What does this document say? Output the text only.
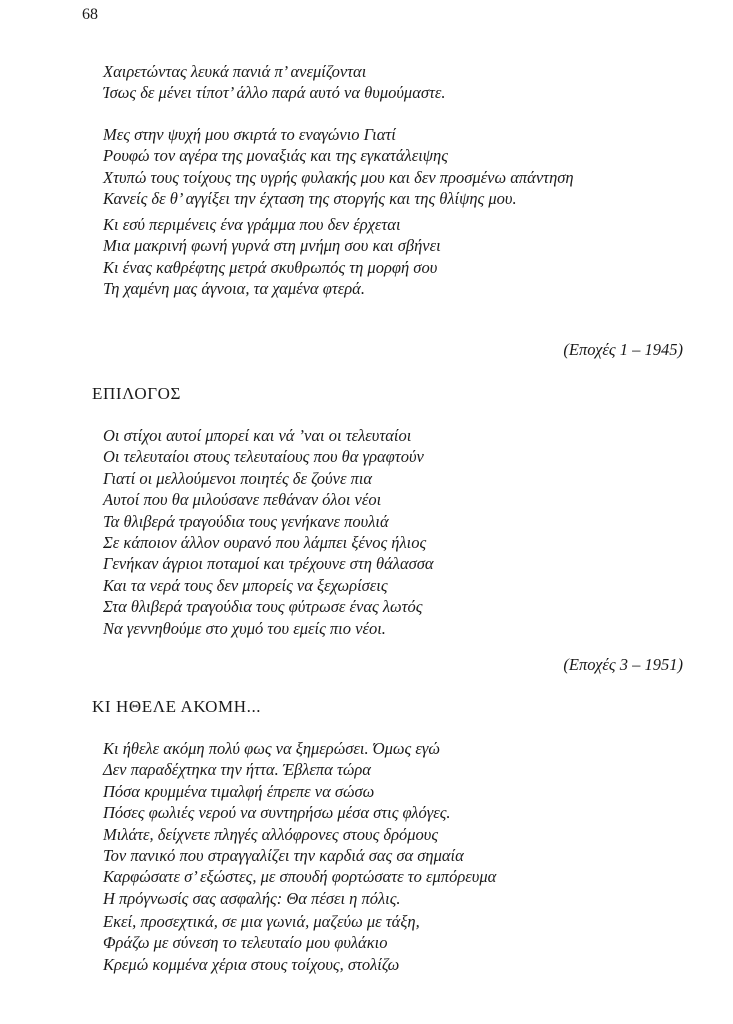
68
Χαιρετώντας λευκά πανιά π’ ανεμίζονται
Ίσως δε μένει τίποτ’ άλλο παρά αυτό να θυμούμαστε.
Μες στην ψυχή μου σκιρτά το εναγώνιο Γιατί
Ρουφώ τον αγέρα της μοναξιάς και της εγκατάλειψης
Χτυπώ τους τοίχους της υγρής φυλακής μου και δεν προσμένω απάντηση
Κανείς δε θ’ αγγίξει την έχταση της στοργής και της θλίψης μου.
Κι εσύ περιμένεις ένα γράμμα που δεν έρχεται
Μια μακρινή φωνή γυρνά στη μνήμη σου και σβήνει
Κι ένας καθρέφτης μετρά σκυθρωπός τη μορφή σου
Τη χαμένη μας άγνοια, τα χαμένα φτερά.
(Εποχές 1 – 1945)
ΕΠΙΛΟΓΟΣ
Οι στίχοι αυτοί μπορεί και νά ’ναι οι τελευταίοι
Οι τελευταίοι στους τελευταίους που θα γραφτούν
Γιατί οι μελλούμενοι ποιητές δε ζούνε πια
Αυτοί που θα μιλούσανε πεθάναν όλοι νέοι
Τα θλιβερά τραγούδια τους γενήκανε πουλιά
Σε κάποιον άλλον ουρανό που λάμπει ξένος ήλιος
Γενήκαν άγριοι ποταμοί και τρέχουνε στη θάλασσα
Και τα νερά τους δεν μπορείς να ξεχωρίσεις
Στα θλιβερά τραγούδια τους φύτρωσε ένας λωτός
Να γεννηθούμε στο χυμό του εμείς πιο νέοι.
(Εποχές 3 – 1951)
ΚΙ ΗΘΕΛΕ ΑΚΟΜΗ...
Κι ήθελε ακόμη πολύ φως να ξημερώσει. Όμως εγώ
Δεν παραδέχτηκα την ήττα. Έβλεπα τώρα
Πόσα κρυμμένα τιμαλφή έπρεπε να σώσω
Πόσες φωλιές νερού να συντηρήσω μέσα στις φλόγες.
Μιλάτε, δείχνετε πληγές αλλόφρονες στους δρόμους
Τον πανικό που στραγγαλίζει την καρδιά σας σα σημαία
Καρφώσατε σ’ εξώστες, με σπουδή φορτώσατε το εμπόρευμα
Η πρόγνωσίς σας ασφαλής: Θα πέσει η πόλις.
Εκεί, προσεχτικά, σε μια γωνιά, μαζεύω με τάξη,
Φράζω με σύνεση το τελευταίο μου φυλάκιο
Κρεμώ κομμένα χέρια στους τοίχους, στολίζω
